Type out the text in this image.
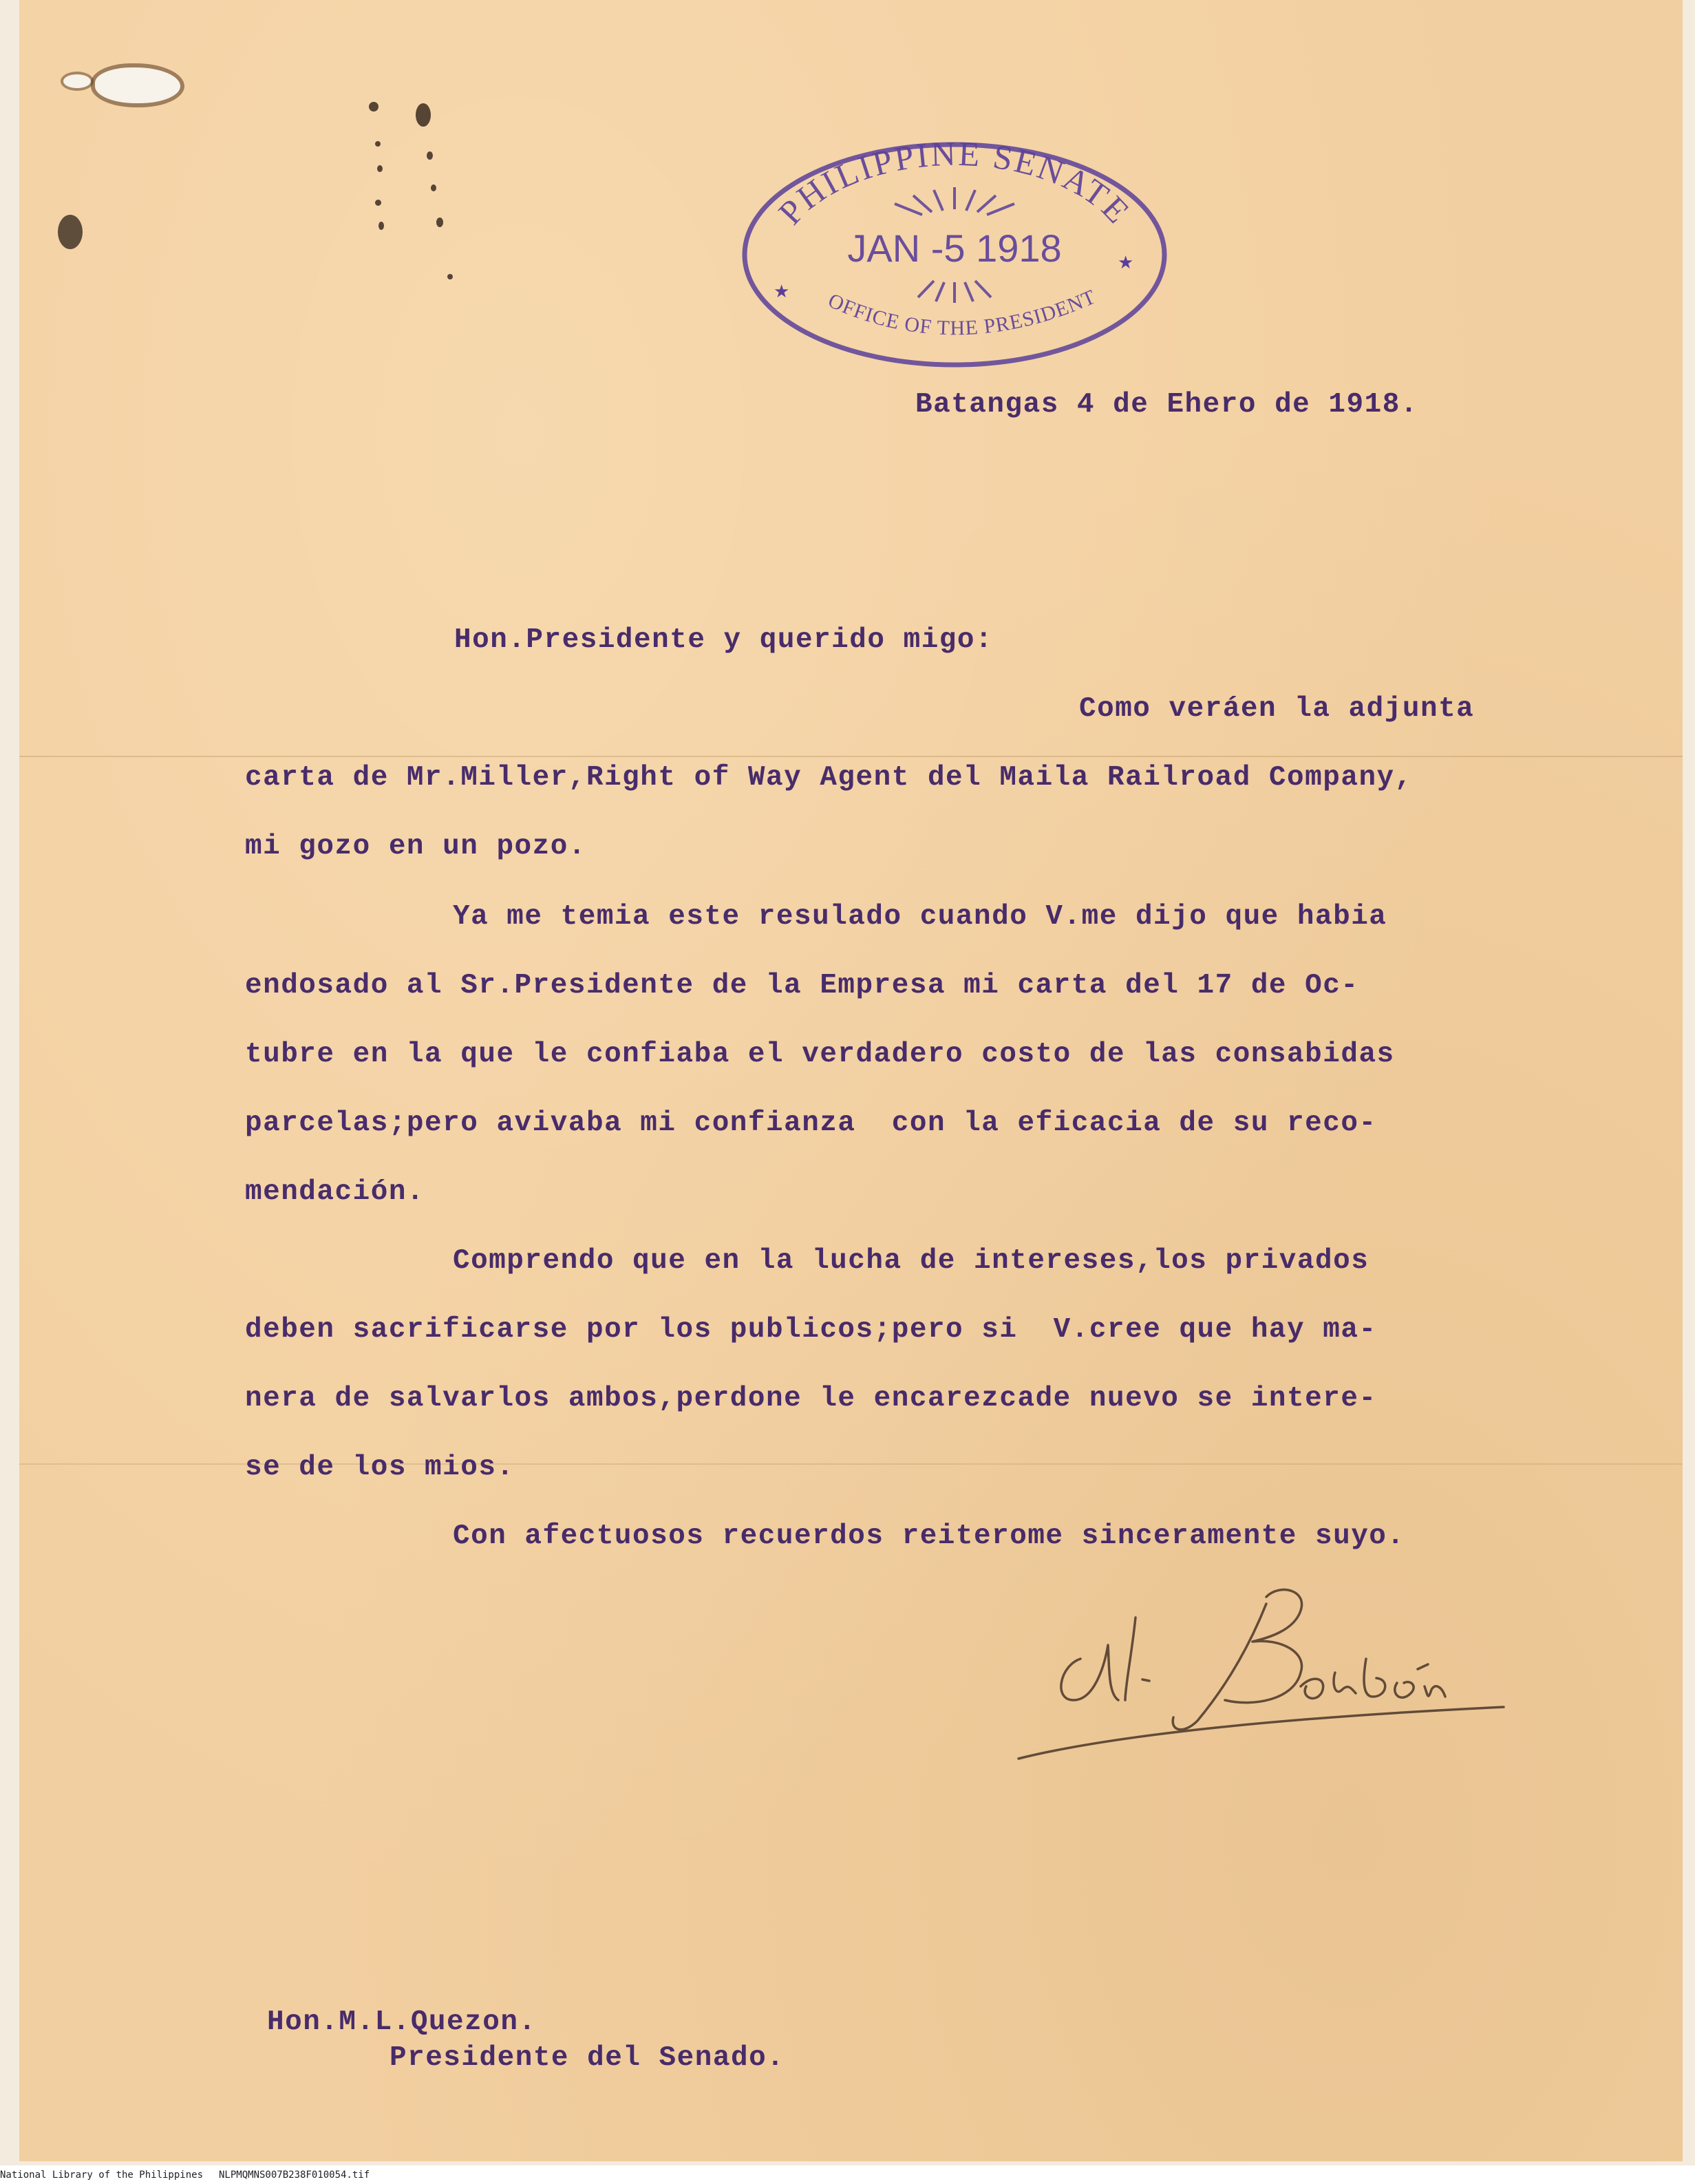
PHILIPPINE SENATE
JAN -5 1918
★
★
OFFICE OF THE PRESIDENT
Batangas 4 de Ehero de 1918.
Hon.Presidente y querido migo:
Como veráen la adjunta
carta de Mr.Miller,Right of Way Agent del Maila Railroad Company,
mi gozo en un pozo.
Ya me temia este resulado cuando V.me dijo que habia
endosado al Sr.Presidente de la Empresa mi carta del 17 de Oc-
tubre en la que le confiaba el verdadero costo de las consabidas
parcelas;pero avivaba mi confianza  con la eficacia de su reco-
mendación.
Comprendo que en la lucha de intereses,los privados
deben sacrificarse por los publicos;pero si  V.cree que hay ma-
nera de salvarlos ambos,perdone le encarezcade nuevo se intere-
se de los mios.
Con afectuosos recuerdos reiterome sinceramente suyo.
Hon.M.L.Quezon.
Presidente del Senado.
National Library of the Philippines NLPMQMNS007B238F010054.tif
